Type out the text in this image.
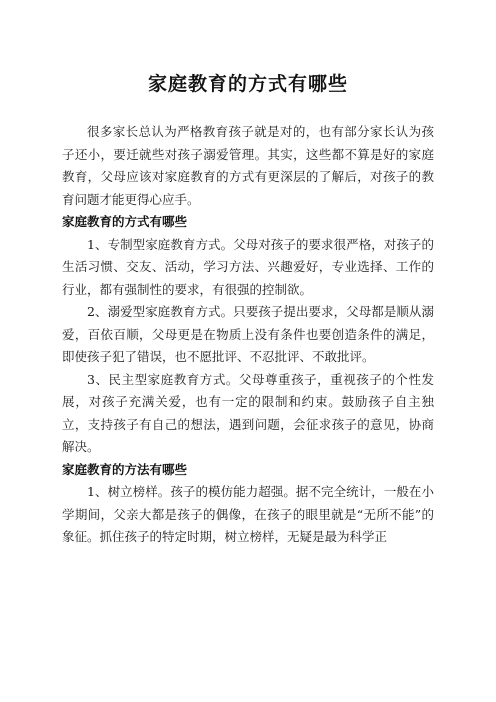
家庭教育的方式有哪些

很多家长总认为严格教育孩子就是对的，也有部分家长认为孩子还小，要迁就些对孩子溺爱管理。其实，这些都不算是好的家庭教育，父母应该对家庭教育的方式有更深层的了解后，对孩子的教育问题才能更得心应手。

家庭教育的方式有哪些

1、专制型家庭教育方式。父母对孩子的要求很严格，对孩子的生活习惯、交友、活动，学习方法、兴趣爱好，专业选择、工作的行业，都有强制性的要求，有很强的控制欲。

2、溺爱型家庭教育方式。只要孩子提出要求，父母都是顺从溺爱，百依百顺，父母更是在物质上没有条件也要创造条件的满足，即使孩子犯了错误，也不愿批评、不忍批评、不敢批评。

3、民主型家庭教育方式。父母尊重孩子，重视孩子的个性发展，对孩子充满关爱，也有一定的限制和约束。鼓励孩子自主独立，支持孩子有自己的想法，遇到问题，会征求孩子的意见，协商解决。

家庭教育的方法有哪些

1、树立榜样。孩子的模仿能力超强。据不完全统计，一般在小学期间，父亲大都是孩子的偶像，在孩子的眼里就是“无所不能”的象征。抓住孩子的特定时期，树立榜样，无疑是最为科学正
